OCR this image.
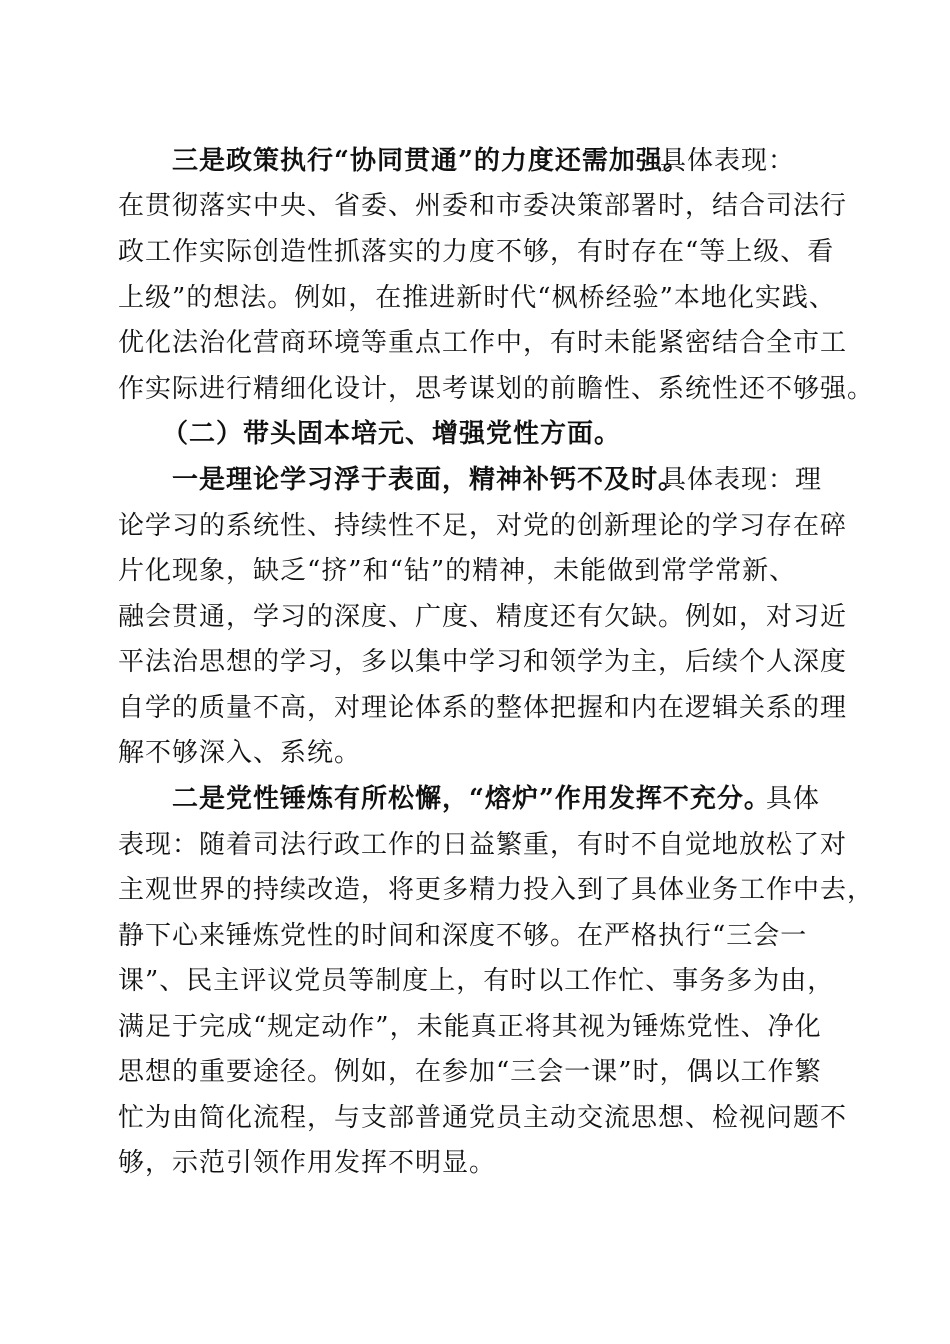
三是政策执行“协同贯通”的力度还需加强。
具体表现：
在贯彻落实中央、省委、州委和市委决策部署时，结合司法行
政工作实际创造性抓落实的力度不够，有时存在“等上级、看
上级”的想法。例如，在推进新时代“枫桥经验”本地化实践、
优化法治化营商环境等重点工作中，有时未能紧密结合全市工
作实际进行精细化设计，思考谋划的前瞻性、系统性还不够强。
（二）带头固本培元、增强党性方面。
一是理论学习浮于表面，精神补钙不及时。
具体表现：理
论学习的系统性、持续性不足，对党的创新理论的学习存在碎
片化现象，缺乏“挤”和“钻”的精神，未能做到常学常新、
融会贯通，学习的深度、广度、精度还有欠缺。例如，对习近
平法治思想的学习，多以集中学习和领学为主，后续个人深度
自学的质量不高，对理论体系的整体把握和内在逻辑关系的理
解不够深入、系统。
二是党性锤炼有所松懈，“熔炉”作用发挥不充分。
具体
表现：随着司法行政工作的日益繁重，有时不自觉地放松了对
主观世界的持续改造，将更多精力投入到了具体业务工作中去，
静下心来锤炼党性的时间和深度不够。在严格执行“三会一
课”、民主评议党员等制度上，有时以工作忙、事务多为由，
满足于完成“规定动作”，未能真正将其视为锤炼党性、净化
思想的重要途径。例如，在参加“三会一课”时，偶以工作繁
忙为由简化流程，与支部普通党员主动交流思想、检视问题不
够，示范引领作用发挥不明显。
